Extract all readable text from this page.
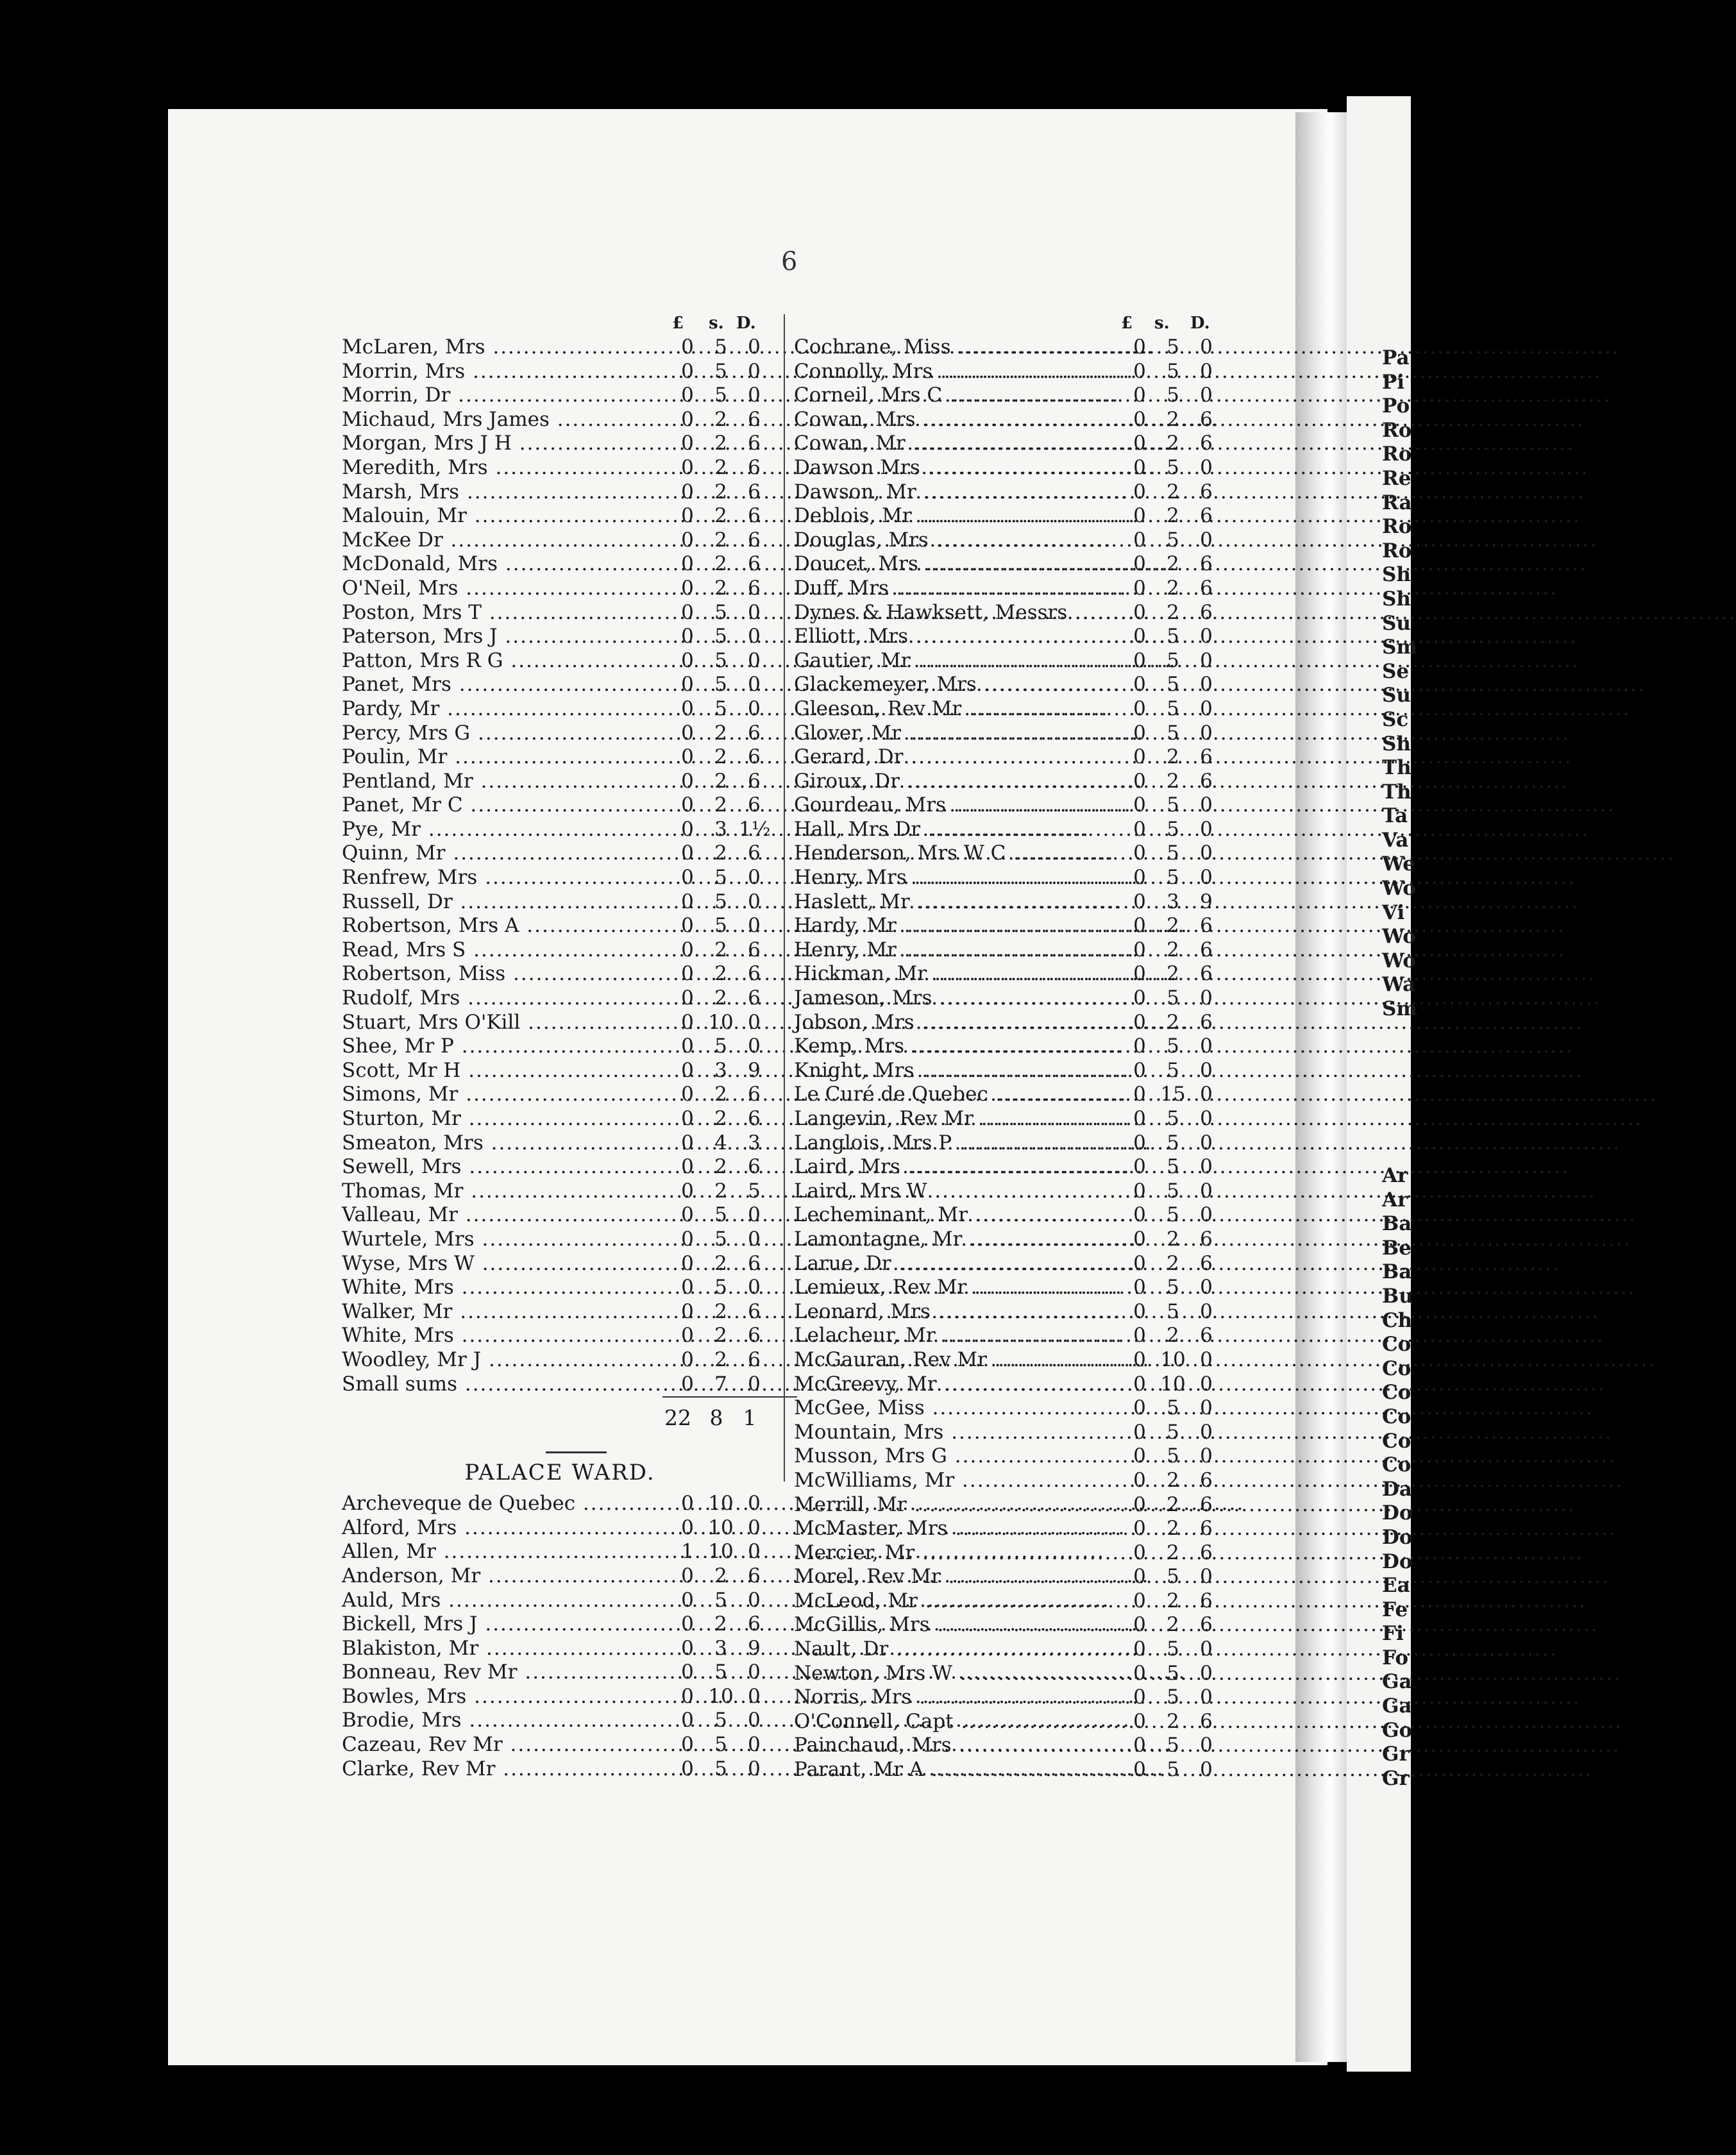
6
£ s. D.
McLaren, Mrs .....	0	5	0
Morrin, Mrs .....	0	5	0
Morrin, Dr .....	0	5	0
Michaud, Mrs James .....	0	2	6
Morgan, Mrs J H .....	0	2	6
Meredith, Mrs .....	0	2	6
Marsh, Mrs .....	0	2	6
Malouin, Mr .....	0	2	6
McKee Dr .....	0	2	6
McDonald, Mrs .....	0	2	6
O'Neil, Mrs .....	0	2	6
Poston, Mrs T .....	0	5	0
Paterson, Mrs J .....	0	5	0
Patton, Mrs R G .....	0	5	0
Panet, Mrs .....	0	5	0
Pardy, Mr .....	0	5	0
Percy, Mrs G .....	0	2	6
Poulin, Mr .....	0	2	6
Pentland, Mr .....	0	2	6
Panet, Mr C .....	0	2	6
Pye, Mr .....	0	3 1½
Quinn, Mr .....	0	2	6
Renfrew, Mrs .....	0	5	0
Russell, Dr .....	0	5	0
Robertson, Mrs A .....	0	5	0
Read, Mrs S .....	0	2	6
Robertson, Miss .....	0	2	6
Rudolf, Mrs .....	0	2	6
Stuart, Mrs O'Kill .....	0 10 0
Shee, Mr P .....	0	5	0
Scott, Mr H .....	0	3	9
Simons, Mr .....	0	2	6
Sturton, Mr .....	0	2	6
Smeaton, Mrs .....	0	4	3
Sewell, Mrs .....	0	2	6
Thomas, Mr .....	0	2	5
Valleau, Mr .....	0	5	0
Wurtele, Mrs .....	0	5	0
Wyse, Mrs W .....	0	2	6
White, Mrs .....	0	5	0
Walker, Mr .....	0	2	6
White, Mrs .....	0	2	6
Woodley, Mr J .....	0	2	6
Small sums .....	0	7	0
22 8 1
PALACE WARD.
Archeveque de Quebec .....	0 10 0
Alford, Mrs .....	0 10 0
Allen, Mr .....	1 10 0
Anderson, Mr .....	0	2	6
Auld, Mrs .....	0	5	0
Bickell, Mrs J .....	0	2	6
Blakiston, Mr .....	0	3	9
Bonneau, Rev Mr .....	0	5	0
Bowles, Mrs .....	0 10 0
Brodie, Mrs .....	0	5	0
Cazeau, Rev Mr .....	0	5	0
Clarke, Rev Mr .....	0	5	0
£ s. D.
Cochrane, Miss .....	0	5	0
Connolly, Mrs .....	0	5	0
Corneil, Mrs C .....	0	5	0
Cowan, Mrs .....	0	2	6
Cowan, Mr .....	0	2	6
Dawson Mrs .....	0	5	0
Dawson, Mr .....	0	2	6
Deblois, Mr .....	0	2	6
Douglas, Mrs .....	0	5	0
Doucet, Mrs .....	0	2	6
Duff, Mrs .....	0	2	6
Dynes & Hawksett, Messrs .....	0	2	6
Elliott, Mrs .....	0	5	0
Gautier, Mr .....	0	5	0
Glackemeyer, Mrs .....	0	5	0
Gleeson, Rev Mr .....	0	5	0
Glover, Mr .....	0	5	0
Gerard, Dr .....	0	2	6
Giroux, Dr .....	0	2	6
Gourdeau, Mrs .....	0	5	0
Hall, Mrs Dr .....	0	5	0
Henderson, Mrs W C .....	0	5	0
Henry, Mrs .....	0	5	0
Haslett, Mr .....	0	3	9
Hardy, Mr .....	0	2	6
Henry, Mr .....	0	2	6
Hickman, Mr .....	0	2	6
Jameson, Mrs .....	0	5	0
Jobson, Mrs .....	0	2	6
Kemp, Mrs .....	0	5	0
Knight, Mrs .....	0	5	0
Le Curé de Quebec .....	0 15 0
Langevin, Rev Mr .....	0	5	0
Langlois, Mrs P .....	0	5	0
Laird, Mrs .....	0	5	0
Laird, Mrs W .....	0	5	0
Lecheminant, Mr .....	0	5	0
Lamontagne, Mr .....	0	2	6
Larue, Dr .....	0	2	6
Lemieux, Rev Mr .....	0	5	0
Leonard, Mrs .....	0	5	0
Lelacheur, Mr .....	0	2	6
McGauran, Rev Mr .....	0 10 0
McGreevy, Mr .....	0 10 0
McGee, Miss .....	0	5	0
Mountain, Mrs .....	0	5	0
Musson, Mrs G .....	0	5	0
McWilliams, Mr .....	0	2	6
Merrill, Mr .....	0	2	6
McMaster, Mrs .....	0	2	6
Mercier, Mr .....	0	2	6
Morel, Rev Mr .....	0	5	0
McLeod, Mr .....	0	2	6
McGillis, Mrs .....	0	2	6
Nault, Dr .....	0	5	0
Newton, Mrs W .....	0	5	0
Norris, Mrs .....	0	5	0
O'Connell, Capt .....	0	2	6
Painchaud, Mrs .....	0	5	0
Parant, Mr A .....	0	5	0
Pa
Pi
Po
Ro
Ro
Re
Ra
Ro
Ro
Sh
Sh
Su
Sm
Se
Su
Sc
Sh
Th
Th
Ta
Va
We
Wo
Vi
Wo
Wo
Wa
Sm
Ar
Ar
Ba
Be
Ba
Bu
Ch
Co
Co
Co
Co
Co
Co
Da
Do
Do
Do
Ea
Fe
Fi
Fo
Ga
Ga
Go
Gr
Gr
